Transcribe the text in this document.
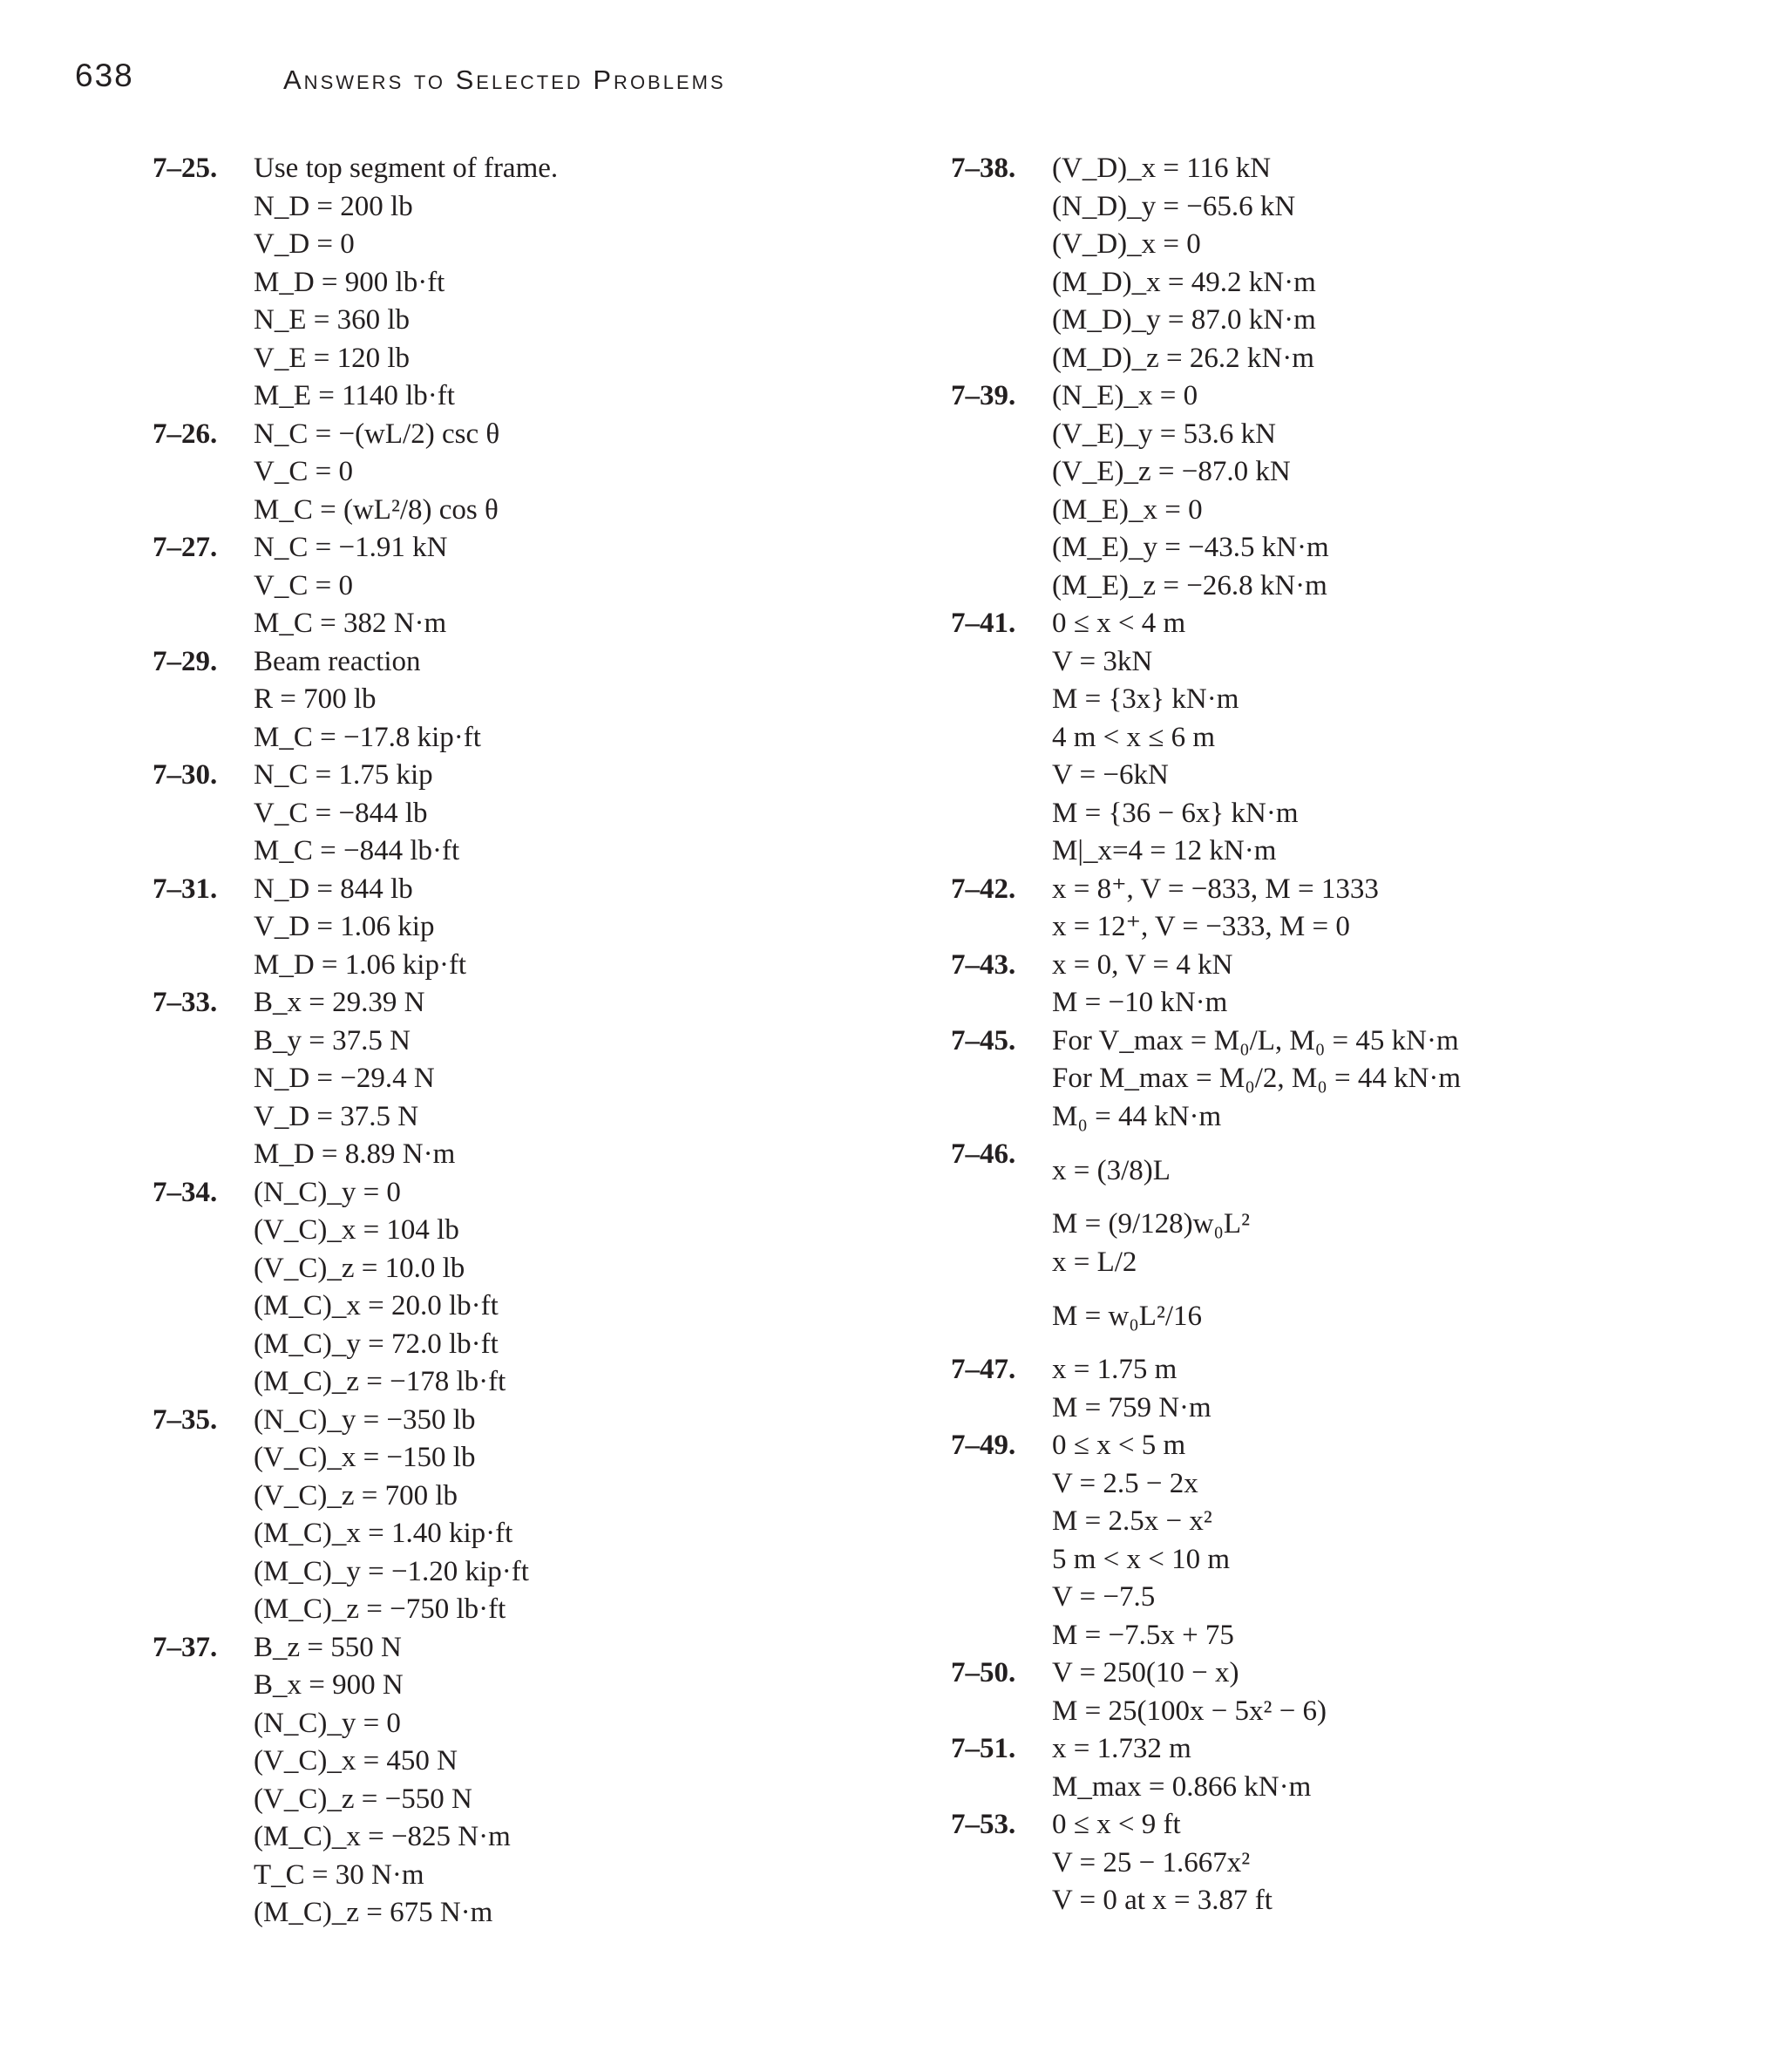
638	Answers to Selected Problems
7–25.	Use top segment of frame.
N_D = 200 lb
V_D = 0
M_D = 900 lb·ft
N_E = 360 lb
V_E = 120 lb
M_E = 1140 lb·ft
7–26.	N_C = −(wL/2) csc θ
V_C = 0
M_C = (wL²/8) cos θ
7–27.	N_C = −1.91 kN
V_C = 0
M_C = 382 N·m
7–29.	Beam reaction
R = 700 lb
M_C = −17.8 kip·ft
7–30.	N_C = 1.75 kip
V_C = −844 lb
M_C = −844 lb·ft
7–31.	N_D = 844 lb
V_D = 1.06 kip
M_D = 1.06 kip·ft
7–33.	B_x = 29.39 N
B_y = 37.5 N
N_D = −29.4 N
V_D = 37.5 N
M_D = 8.89 N·m
7–34.	(N_C)_y = 0
(V_C)_x = 104 lb
(V_C)_z = 10.0 lb
(M_C)_x = 20.0 lb·ft
(M_C)_y = 72.0 lb·ft
(M_C)_z = −178 lb·ft
7–35.	(N_C)_y = −350 lb
(V_C)_x = −150 lb
(V_C)_z = 700 lb
(M_C)_x = 1.40 kip·ft
(M_C)_y = −1.20 kip·ft
(M_C)_z = −750 lb·ft
7–37.	B_z = 550 N
B_x = 900 N
(N_C)_y = 0
(V_C)_x = 450 N
(V_C)_z = −550 N
(M_C)_x = −825 N·m
T_C = 30 N·m
(M_C)_z = 675 N·m
7–38.	(V_D)_x = 116 kN
(N_D)_y = −65.6 kN
(V_D)_x = 0
(M_D)_x = 49.2 kN·m
(M_D)_y = 87.0 kN·m
(M_D)_z = 26.2 kN·m
7–39.	(N_E)_x = 0
(V_E)_y = 53.6 kN
(V_E)_z = −87.0 kN
(M_E)_x = 0
(M_E)_y = −43.5 kN·m
(M_E)_z = −26.8 kN·m
7–41.	0 ≤ x < 4 m
V = 3kN
M = {3x} kN·m
4 m < x ≤ 6 m
V = −6kN
M = {36 − 6x} kN·m
M|_x=4 = 12 kN·m
7–42.	x = 8⁺, V = −833, M = 1333
x = 12⁺, V = −333, M = 0
7–43.	x = 0, V = 4 kN
M = −10 kN·m
7–45.	For V_max = M₀/L, M₀ = 45 kN·m
For M_max = M₀/2, M₀ = 44 kN·m
M₀ = 44 kN·m
7–46.
x = (3/8)L
M = (9/128)w₀L²
x = L/2
M = w₀L²/16
7–47.	x = 1.75 m
M = 759 N·m
7–49.	0 ≤ x < 5 m
V = 2.5 − 2x
M = 2.5x − x²
5 m < x < 10 m
V = −7.5
M = −7.5x + 75
7–50.	V = 250(10 − x)
M = 25(100x − 5x² − 6)
7–51.	x = 1.732 m
M_max = 0.866 kN·m
7–53.	0 ≤ x < 9 ft
V = 25 − 1.667x²
V = 0 at x = 3.87 ft
